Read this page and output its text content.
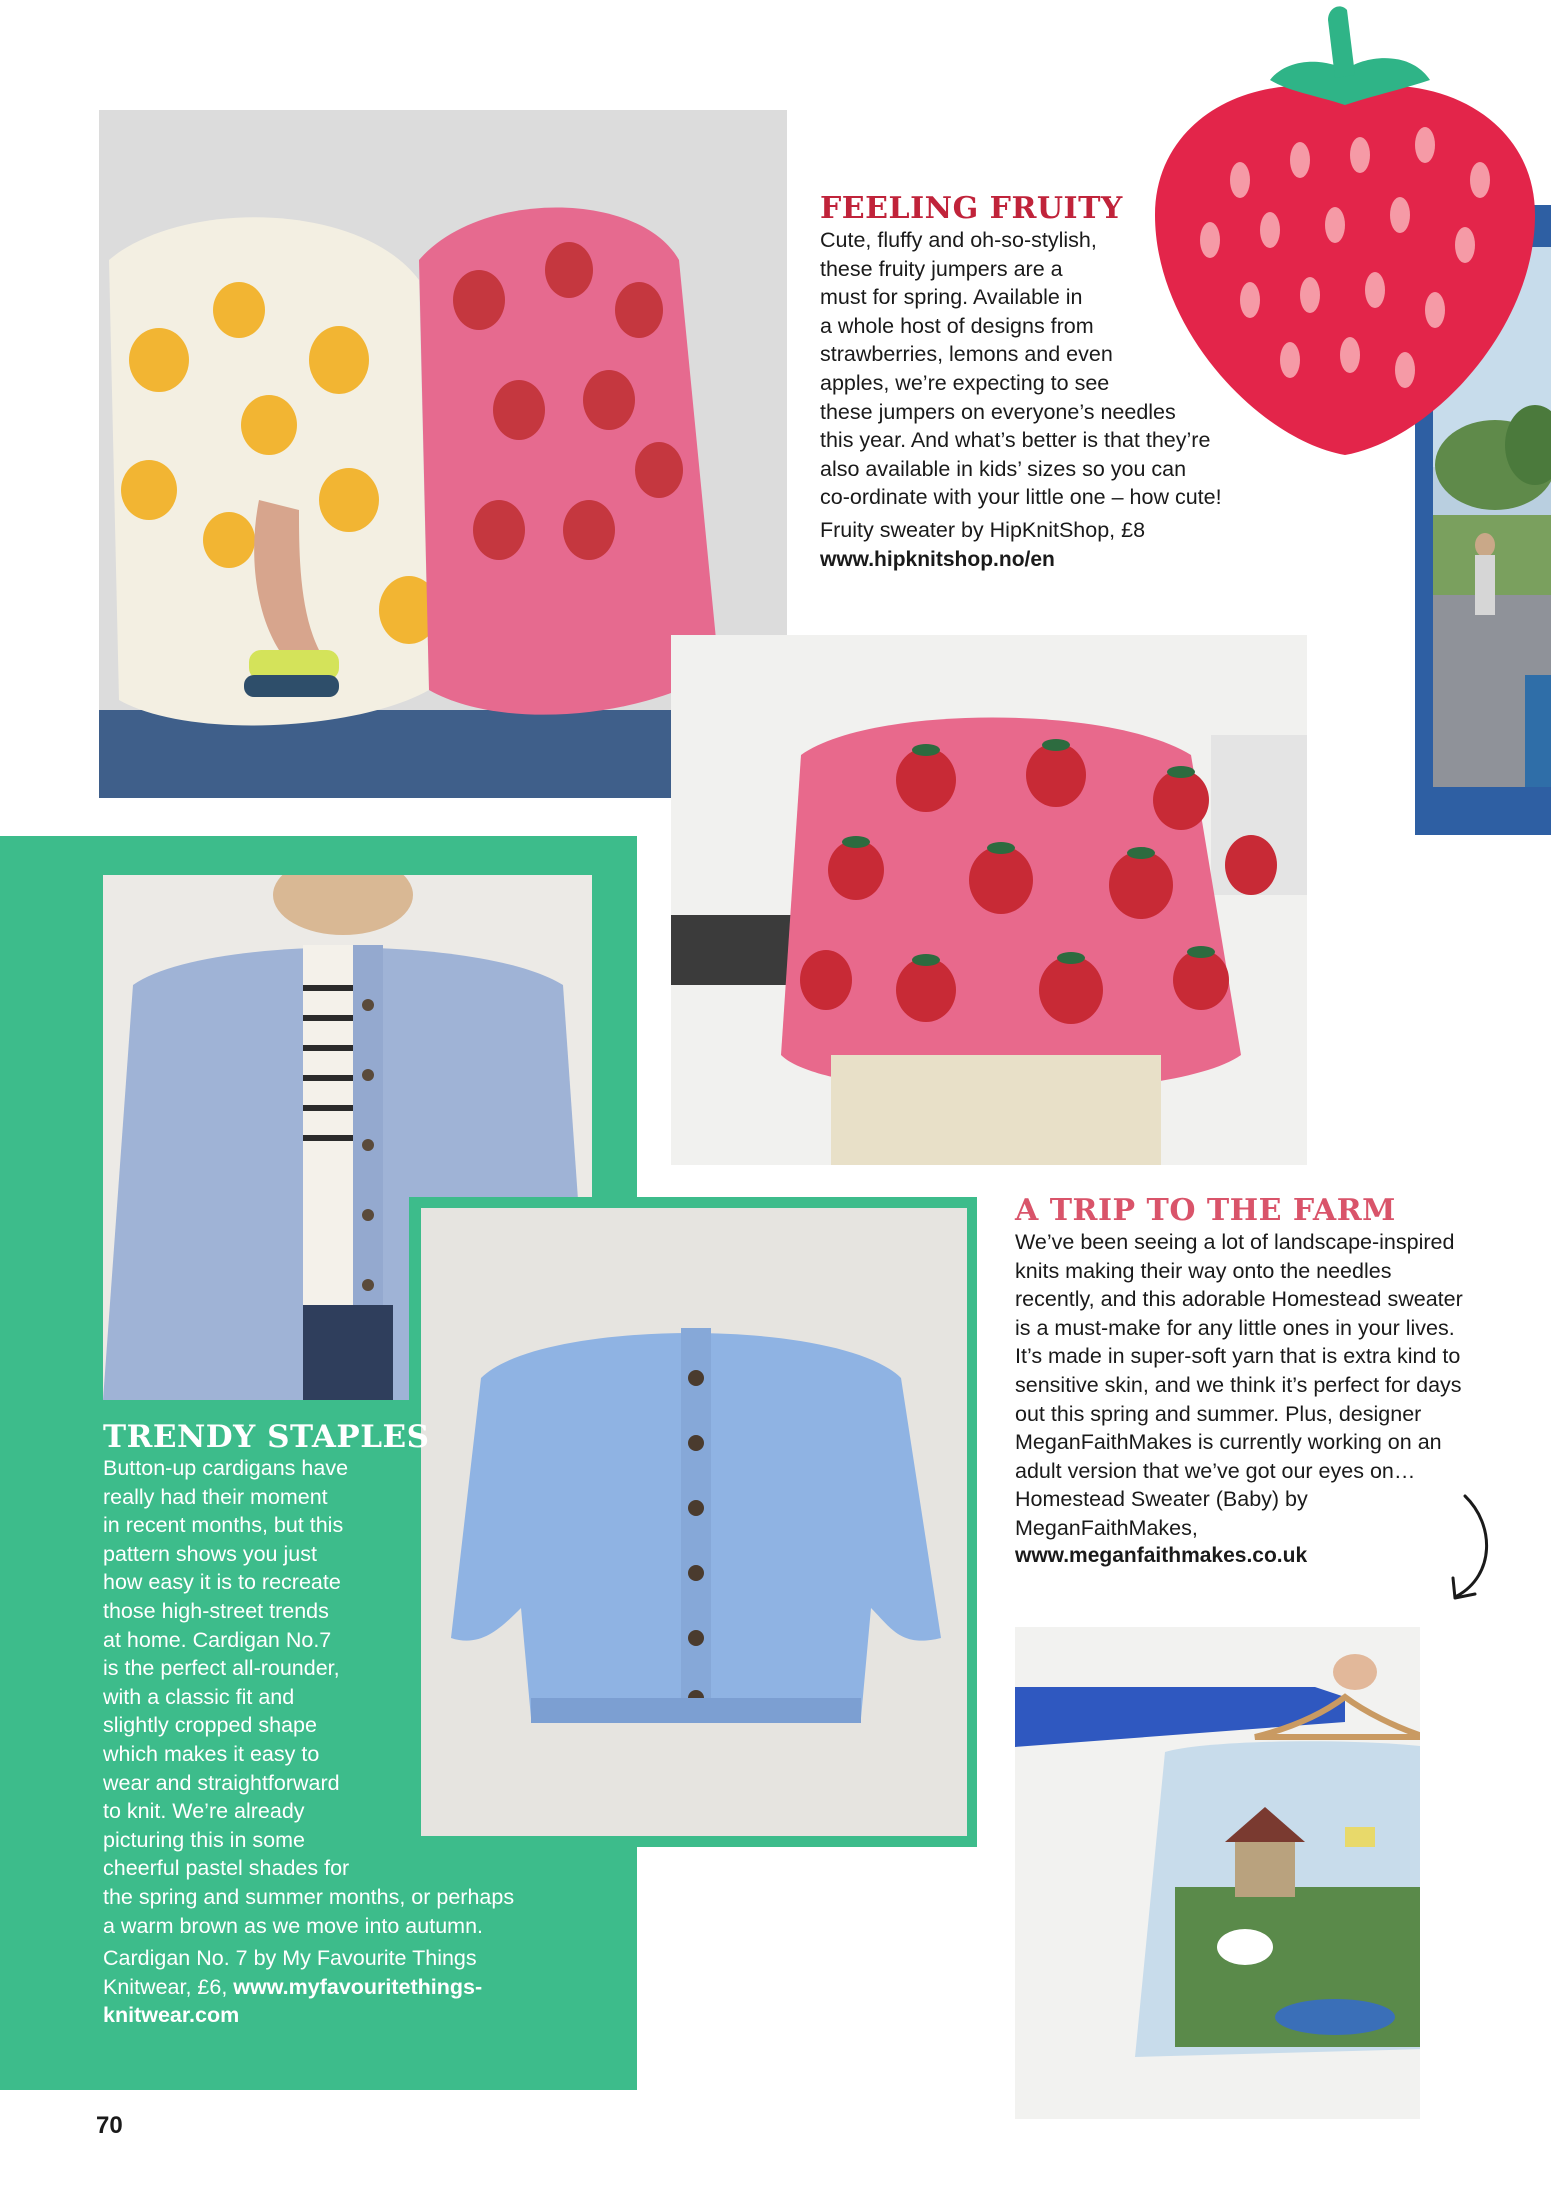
FEELING FRUITY

Cute, fluffy and oh-so-stylish,
these fruity jumpers are a
must for spring. Available in
a whole host of designs from
strawberries, lemons and even
apples, we’re expecting to see
these jumpers on everyone’s needles
this year. And what’s better is that they’re
also available in kids’ sizes so you can
co-ordinate with your little one – how cute!

Fruity sweater by HipKnitShop, £8

www.hipknitshop.no/en
TRENDY STAPLES

Button-up cardigans have
really had their moment
in recent months, but this
pattern shows you just
how easy it is to recreate
those high-street trends
at home. Cardigan No.7
is the perfect all-rounder,
with a classic fit and
slightly cropped shape
which makes it easy to
wear and straightforward
to knit. We’re already
picturing this in some
cheerful pastel shades for
the spring and summer months, or perhaps
a warm brown as we move into autumn.

Cardigan No. 7 by My Favourite Things
Knitwear, £6, www.myfavouritethings-
knitwear.com

A TRIP TO THE FARM

We’ve been seeing a lot of landscape-inspired
knits making their way onto the needles
recently, and this adorable Homestead sweater
is a must-make for any little ones in your lives.
It’s made in super-soft yarn that is extra kind to
sensitive skin, and we think it’s perfect for days
out this spring and summer. Plus, designer
MeganFaithMakes is currently working on an
adult version that we’ve got our eyes on…

Homestead Sweater (Baby) by
MeganFaithMakes,

www.meganfaithmakes.co.uk
70
